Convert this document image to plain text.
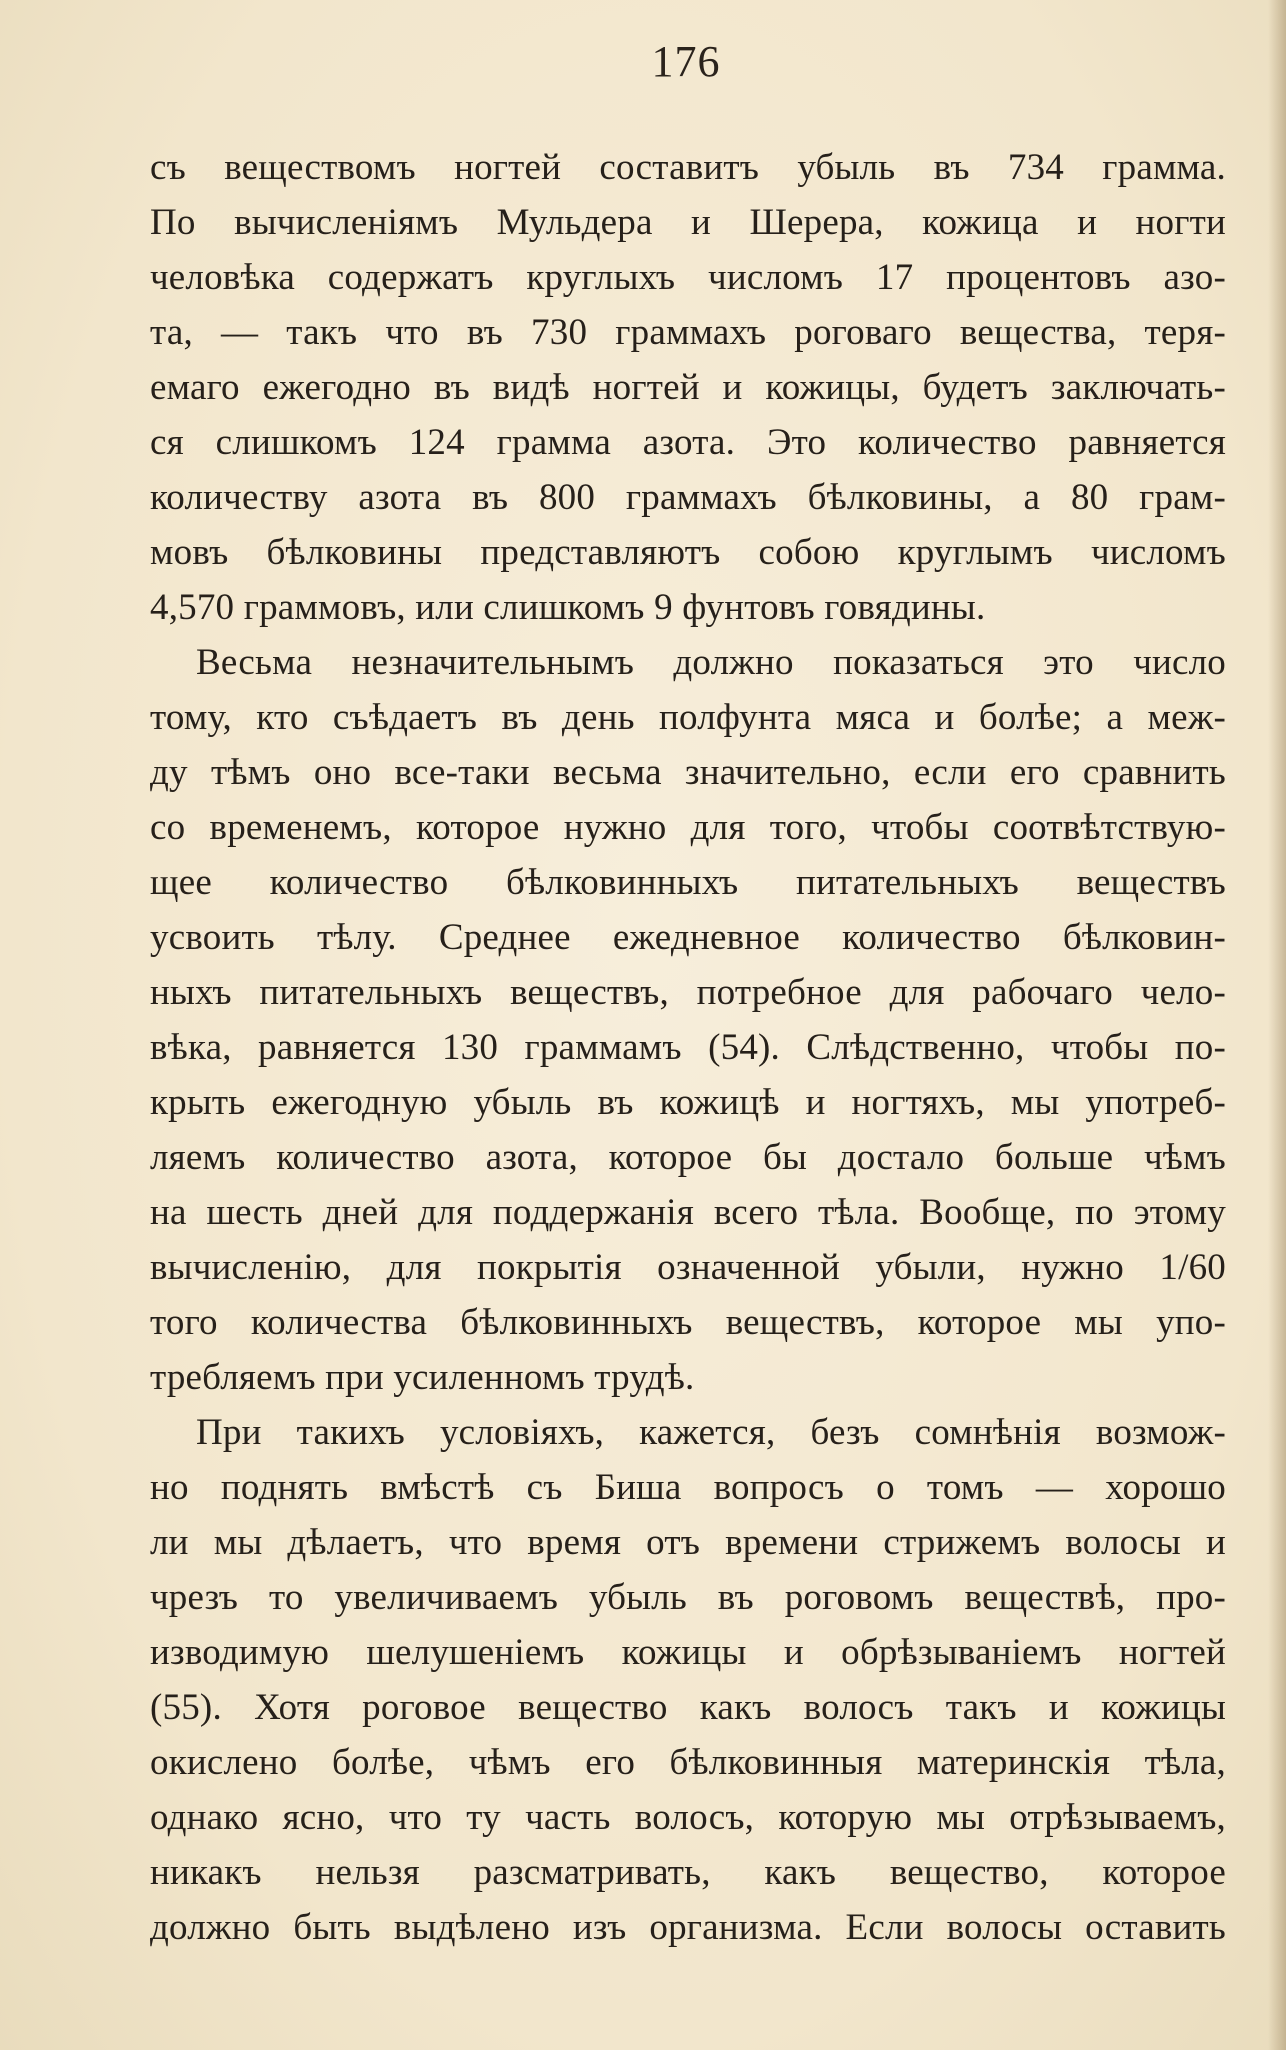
176
съ веществомъ ногтей составитъ убыль въ 734 грамма.
По вычисленіямъ Мульдера и Шерера, кожица и ногти
человѣка содержатъ круглыхъ числомъ 17 процентовъ азо-
та, — такъ что въ 730 граммахъ роговаго вещества, теря-
емаго ежегодно въ видѣ ногтей и кожицы, будетъ заключать-
ся слишкомъ 124 грамма азота. Это количество равняется
количеству азота въ 800 граммахъ бѣлковины, а 80 грам-
мовъ бѣлковины представляютъ собою круглымъ числомъ
4,570 граммовъ, или слишкомъ 9 фунтовъ говядины.
Весьма незначительнымъ должно показаться это число
тому, кто съѣдаетъ въ день полфунта мяса и болѣе; а меж-
ду тѣмъ оно все-таки весьма значительно, если его сравнить
со временемъ, которое нужно для того, чтобы соотвѣтствую-
щее количество бѣлковинныхъ питательныхъ веществъ
усвоить тѣлу. Среднее ежедневное количество бѣлковин-
ныхъ питательныхъ веществъ, потребное для рабочаго чело-
вѣка, равняется 130 граммамъ (54). Слѣдственно, чтобы по-
крыть ежегодную убыль въ кожицѣ и ногтяхъ, мы употреб-
ляемъ количество азота, которое бы достало больше чѣмъ
на шесть дней для поддержанія всего тѣла. Вообще, по этому
вычисленію, для покрытія означенной убыли, нужно 1/60
того количества бѣлковинныхъ веществъ, которое мы упо-
требляемъ при усиленномъ трудѣ.
При такихъ условіяхъ, кажется, безъ сомнѣнія возмож-
но поднять вмѣстѣ съ Биша вопросъ о томъ — хорошо
ли мы дѣлаетъ, что время отъ времени стрижемъ волосы и
чрезъ то увеличиваемъ убыль въ роговомъ веществѣ, про-
изводимую шелушеніемъ кожицы и обрѣзываніемъ ногтей
(55). Хотя роговое вещество какъ волосъ такъ и кожицы
окислено болѣе, чѣмъ его бѣлковинныя материнскія тѣла,
однако ясно, что ту часть волосъ, которую мы отрѣзываемъ,
никакъ нельзя разсматривать, какъ вещество, которое
должно быть выдѣлено изъ организма. Если волосы оставить
